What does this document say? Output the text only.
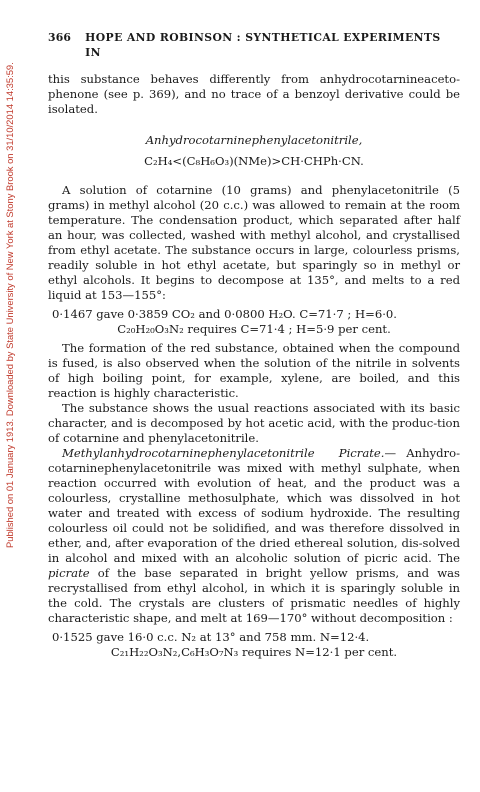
Published on 01 January 1913. Downloaded by State University of New York at Stony Brook on 31/10/2014 14:35:59.
366 HOPE AND ROBINSON : SYNTHETICAL EXPERIMENTS IN

this substance behaves differently from anhydrocotarnineaceto-phenone (see p. 369), and no trace of a benzoyl derivative could be isolated.

Anhydrocotarninephenylacetonitrile,
C₂H₄<(C₈H₆O₃)(NMe)>CH·CHPh·CN.

A solution of cotarnine (10 grams) and phenylacetonitrile (5 grams) in methyl alcohol (20 c.c.) was allowed to remain at the room temperature. The condensation product, which separated after half an hour, was collected, washed with methyl alcohol, and crystallised from ethyl acetate. The substance occurs in large, colourless prisms, readily soluble in hot ethyl acetate, but sparingly so in methyl or ethyl alcohols. It begins to decompose at 135°, and melts to a red liquid at 153—155°:

0·1467 gave 0·3859 CO₂ and 0·0800 H₂O. C=71·7 ; H=6·0.

C₂₀H₂₀O₃N₂ requires C=71·4 ; H=5·9 per cent.

The formation of the red substance, obtained when the compound is fused, is also observed when the solution of the nitrile in solvents of high boiling point, for example, xylene, are boiled, and this reaction is highly characteristic.

The substance shows the usual reactions associated with its basic character, and is decomposed by hot acetic acid, with the produc-tion of cotarnine and phenylacetonitrile.

Methylanhydrocotarninephenylacetonitrile Picrate.— Anhydro-cotarninephenylacetonitrile was mixed with methyl sulphate, when reaction occurred with evolution of heat, and the product was a colourless, crystalline methosulphate, which was dissolved in hot water and treated with excess of sodium hydroxide. The resulting colourless oil could not be solidified, and was therefore dissolved in ether, and, after evaporation of the dried ethereal solution, dis-solved in alcohol and mixed with an alcoholic solution of picric acid. The picrate of the base separated in bright yellow prisms, and was recrystallised from ethyl alcohol, in which it is sparingly soluble in the cold. The crystals are clusters of prismatic needles of highly characteristic shape, and melt at 169—170° without decomposition :

0·1525 gave 16·0 c.c. N₂ at 13° and 758 mm. N=12·4.

C₂₁H₂₂O₃N₂,C₆H₃O₇N₃ requires N=12·1 per cent.
